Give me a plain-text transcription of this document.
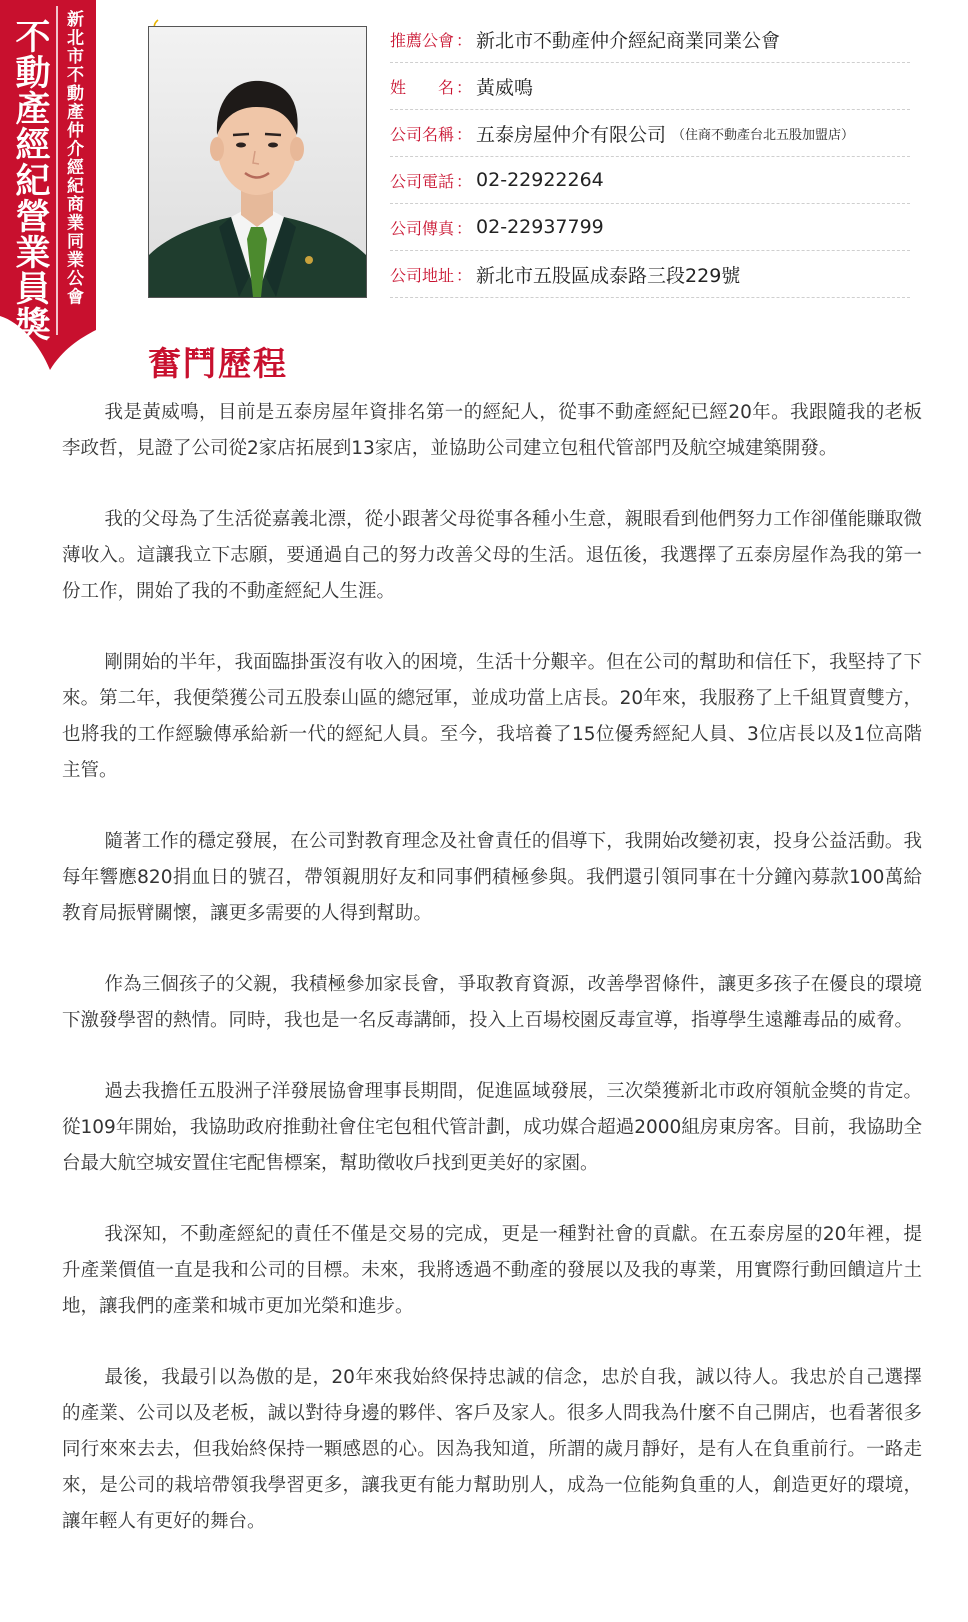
不動產經紀營業員獎 新北市不動產仲介經紀商業同業公會	推薦公會 ： 新北市不動產仲介經紀商業同業公會
姓名 ： 黃威鳴
公司名稱 ： 五泰房屋仲介有限公司 （住商不動產台北五股加盟店）
公司電話 ： 02-22922264
公司傳真 ： 02-22937799
公司地址 ： 新北市五股區成泰路三段229號
奮鬥歷程

我是黃威鳴，目前是五泰房屋年資排名第一的經紀人，從事不動產經紀已經20年。我跟隨我的老板李政哲，見證了公司從2家店拓展到13家店，並協助公司建立包租代管部門及航空城建築開發。

我的父母為了生活從嘉義北漂，從小跟著父母從事各種小生意，親眼看到他們努力工作卻僅能賺取微薄收入。這讓我立下志願，要通過自己的努力改善父母的生活。退伍後，我選擇了五泰房屋作為我的第一份工作，開始了我的不動產經紀人生涯。

剛開始的半年，我面臨掛蛋沒有收入的困境，生活十分艱辛。但在公司的幫助和信任下，我堅持了下來。第二年，我便榮獲公司五股泰山區的總冠軍，並成功當上店長。20年來，我服務了上千組買賣雙方，也將我的工作經驗傳承給新一代的經紀人員。至今，我培養了15位優秀經紀人員、3位店長以及1位高階主管。

隨著工作的穩定發展，在公司對教育理念及社會責任的倡導下，我開始改變初衷，投身公益活動。我每年響應820捐血日的號召，帶領親朋好友和同事們積極參與。我們還引領同事在十分鐘內募款100萬給教育局振臂關懷，讓更多需要的人得到幫助。

作為三個孩子的父親，我積極參加家長會，爭取教育資源，改善學習條件，讓更多孩子在優良的環境下激發學習的熱情。同時，我也是一名反毒講師，投入上百場校園反毒宣導，指導學生遠離毒品的威脅。

過去我擔任五股洲子洋發展協會理事長期間，促進區域發展，三次榮獲新北市政府領航金獎的肯定。從109年開始，我協助政府推動社會住宅包租代管計劃，成功媒合超過2000組房東房客。目前，我協助全台最大航空城安置住宅配售標案，幫助徵收戶找到更美好的家園。

我深知，不動產經紀的責任不僅是交易的完成，更是一種對社會的貢獻。在五泰房屋的20年裡，提升產業價值一直是我和公司的目標。未來，我將透過不動產的發展以及我的專業，用實際行動回饋這片土地，讓我們的產業和城市更加光榮和進步。

最後，我最引以為傲的是，20年來我始終保持忠誠的信念，忠於自我，誠以待人。我忠於自己選擇的產業、公司以及老板，誠以對待身邊的夥伴、客戶及家人。很多人問我為什麼不自己開店，也看著很多同行來來去去，但我始終保持一顆感恩的心。因為我知道，所謂的歲月靜好，是有人在負重前行。一路走來，是公司的栽培帶領我學習更多，讓我更有能力幫助別人，成為一位能夠負重的人，創造更好的環境，讓年輕人有更好的舞台。
